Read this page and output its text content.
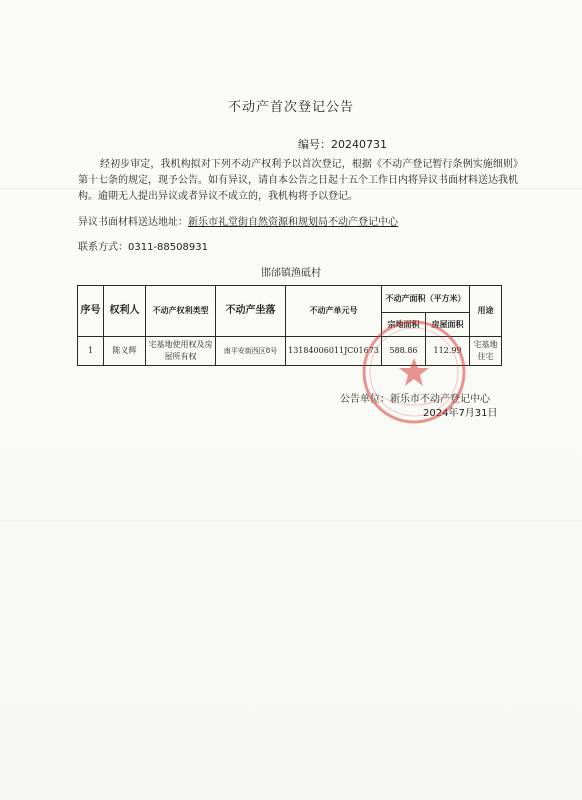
不动产首次登记公告
编号：20240731
经初步审定，我机构拟对下列不动产权利予以首次登记，根据《不动产登记暂行条例实施细则》第十七条的规定，现予公告。如有异议，请自本公告之日起十五个工作日内将异议书面材料送达我机构。逾期无人提出异议或者异议不成立的，我机构将予以登记。
异议书面材料送达地址：新乐市礼堂街自然资源和规划局不动产登记中心
联系方式：0311-88508931
邯邰镇渔砥村
序号	权利人	不动产权利类型	不动产坐落	不动产单元号	不动产面积（平方米）		用途
					宗地面积	房屋面积	
1	陈义辉	宅基地使用权及房屋所有权	南平安街西区8号	131840060​11JC01673	588.86	112.99	宅基地住宅
公告单位：新乐市不动产登记中心
2024年7月31日
